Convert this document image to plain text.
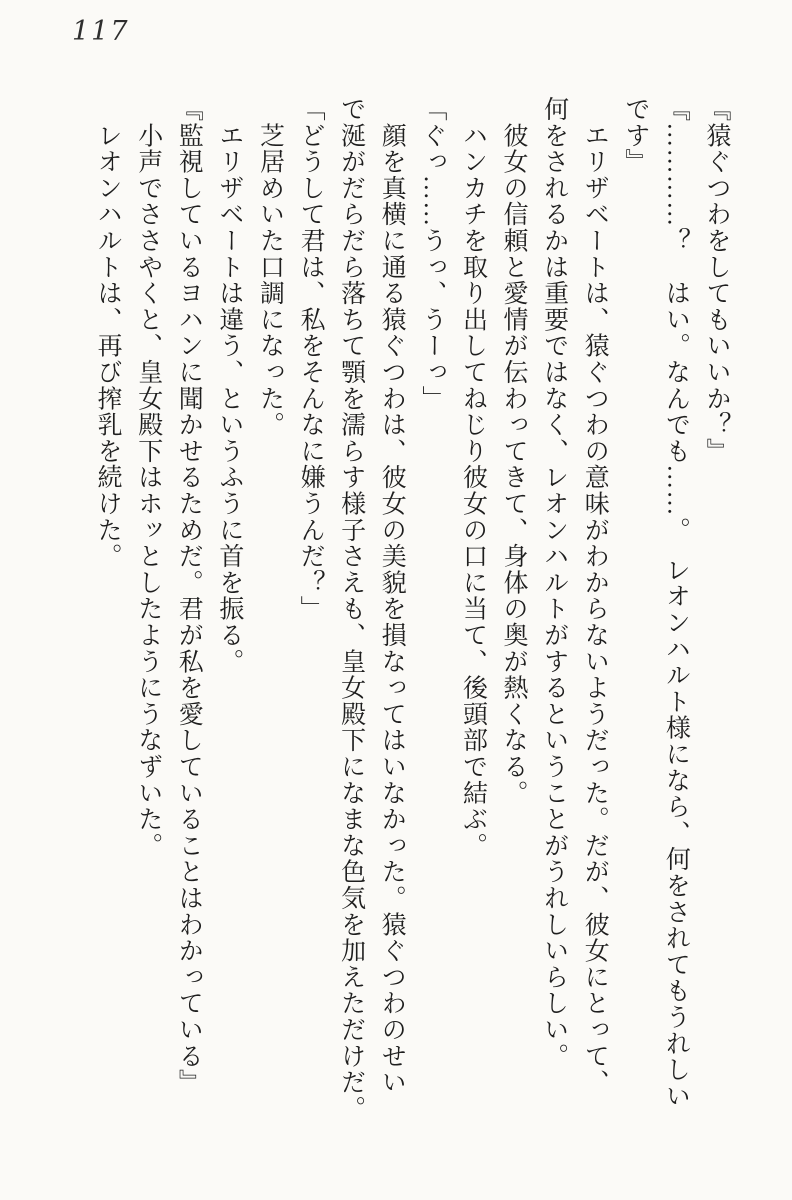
117

『猿ぐつわをしてもいいか？』

『…………？　はい。なんでも……。　レオンハルト様になら、何をされてもうれしい

です』

　エリザベートは、猿ぐつわの意味がわからないようだった。だが、彼女にとって、

何をされるかは重要ではなく、レオンハルトがするということがうれしいらしい。

　彼女の信頼と愛情が伝わってきて、身体の奥が熱くなる。

　ハンカチを取り出してねじり彼女の口に当て、後頭部で結ぶ。

「ぐっ……うっ、うーっ」

　顔を真横に通る猿ぐつわは、彼女の美貌を損なってはいなかった。猿ぐつわのせい

で涎がだらだら落ちて顎を濡らす様子さえも、皇女殿下になまな色気を加えただけだ。

「どうして君は、私をそんなに嫌うんだ？」

　芝居めいた口調になった。

　エリザベートは違う、というふうに首を振る。

『監視しているヨハンに聞かせるためだ。君が私を愛していることはわかっている』

　小声でささやくと、皇女殿下はホッとしたようにうなずいた。

　レオンハルトは、再び搾乳を続けた。
